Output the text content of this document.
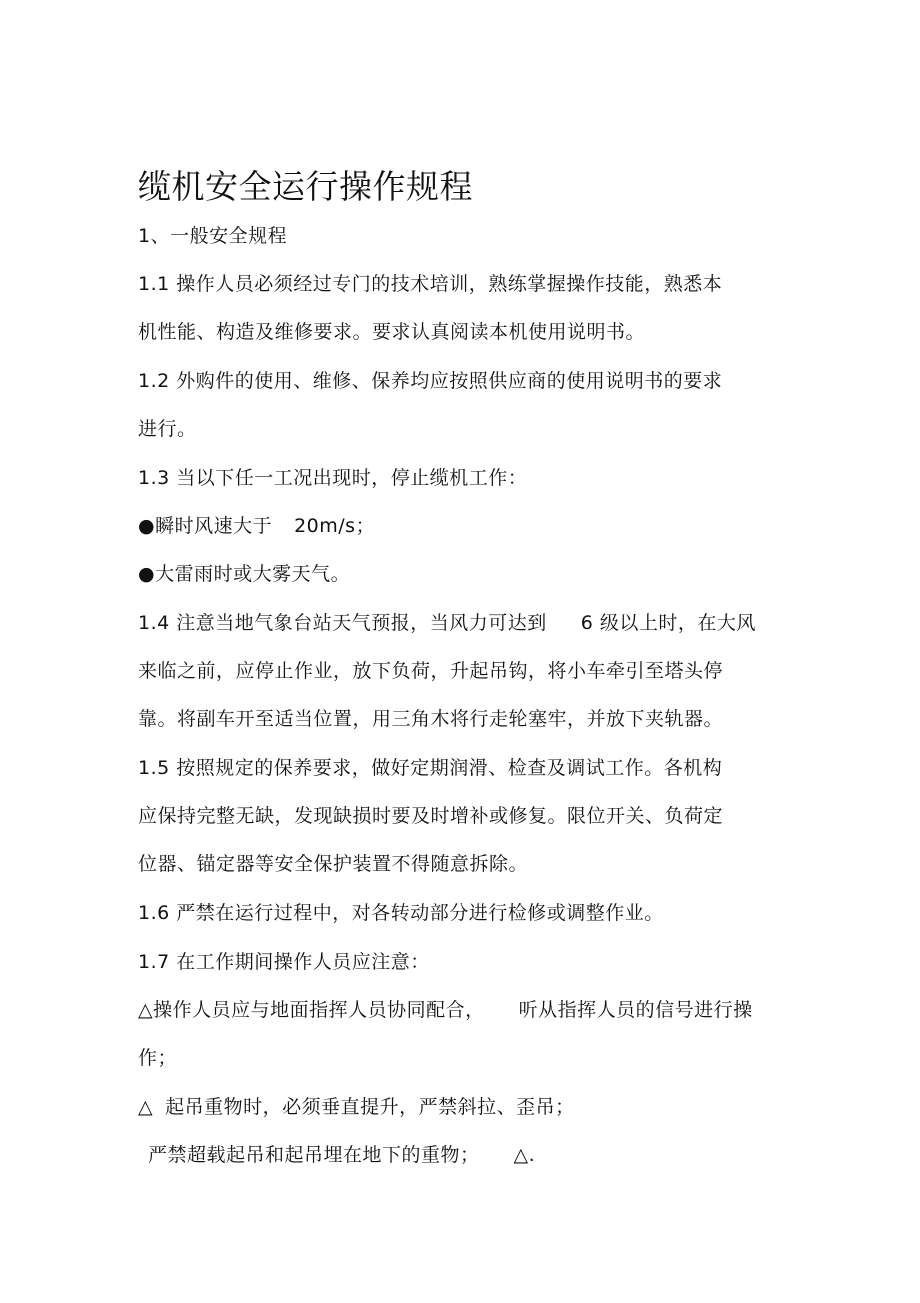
缆机安全运行操作规程
1、一般安全规程
1.1 操作人员必须经过专门的技术培训，熟练掌握操作技能，熟悉本
机性能、构造及维修要求。要求认真阅读本机使用说明书。
1.2 外购件的使用、维修、保养均应按照供应商的使用说明书的要求
进行。
1.3 当以下任一工况出现时，停止缆机工作：
●瞬时风速大于 20m/s；
●大雷雨时或大雾天气。
1.4 注意当地气象台站天气预报，当风力可达到 6 级以上时，在大风
来临之前，应停止作业，放下负荷，升起吊钩，将小车牵引至塔头停
靠。将副车开至适当位置，用三角木将行走轮塞牢，并放下夹轨器。
1.5 按照规定的保养要求，做好定期润滑、检查及调试工作。各机构
应保持完整无缺，发现缺损时要及时增补或修复。限位开关、负荷定
位器、锚定器等安全保护装置不得随意拆除。
1.6 严禁在运行过程中，对各转动部分进行检修或调整作业。
1.7 在工作期间操作人员应注意：
△操作人员应与地面指挥人员协同配合， 听从指挥人员的信号进行操
作；
△ 起吊重物时，必须垂直提升，严禁斜拉、歪吊；
严禁超载起吊和起吊埋在地下的重物； △.
